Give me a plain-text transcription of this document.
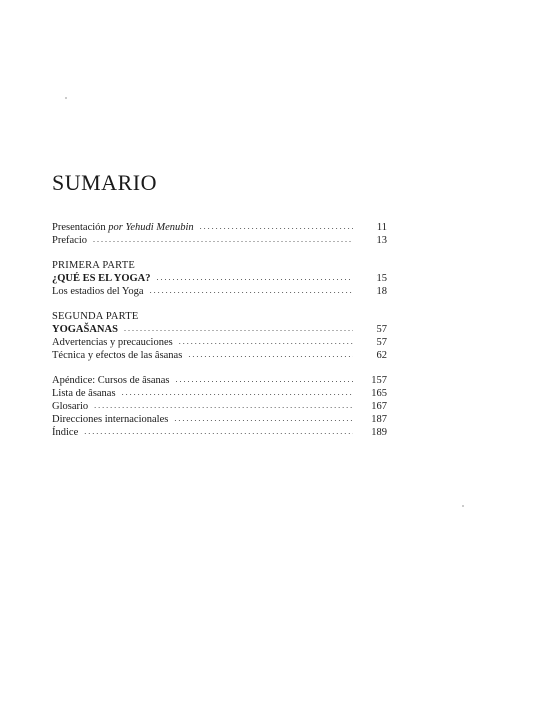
SUMARIO
Presentación por Yehudi Menubin .....	11
Prefacio .....	13
PRIMERA PARTE
¿QUÉ ES EL YOGA? .....	15
Los estadios del Yoga .....	18
SEGUNDA PARTE
YOGAŠANAS .....	57
Advertencias y precauciones .....	57
Técnica y efectos de las âsanas .....	62
Apéndice: Cursos de âsanas .....	157
Lista de âsanas .....	165
Glosario .....	167
Direcciones internacionales .....	187
Índice .....	189
